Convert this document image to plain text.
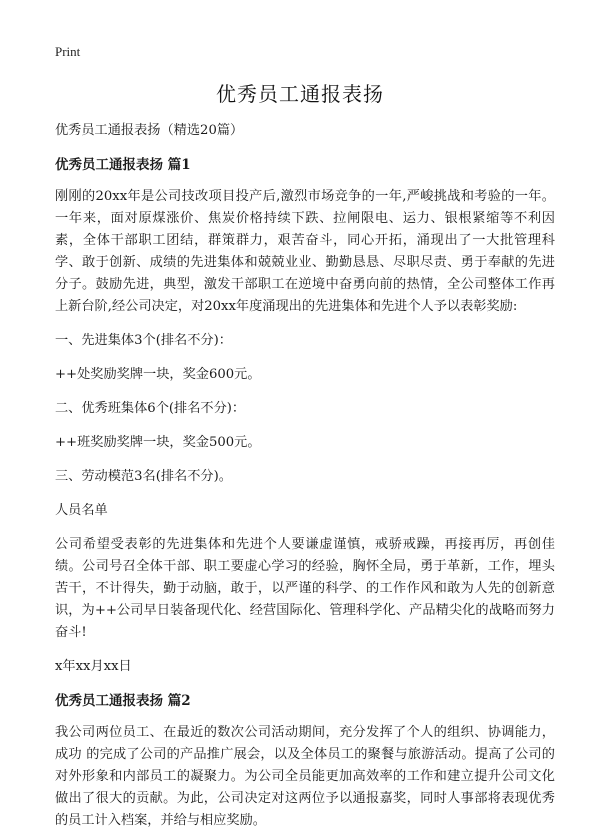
Print
优秀员工通报表扬

优秀员工通报表扬（精选20篇）

优秀员工通报表扬 篇1

刚刚的20xx年是公司技改项目投产后,激烈市场竞争的一年,严峻挑战和考验的一年。一年来，面对原煤涨价、焦炭价格持续下跌、拉闸限电、运力、银根紧缩等不利因素，全体干部职工团结，群策群力，艰苦奋斗，同心开拓，涌现出了一大批管理科学、敢于创新、成绩的先进集体和兢兢业业、勤勤恳恳、尽职尽责、勇于奉献的先进分子。鼓励先进，典型，激发干部职工在逆境中奋勇向前的热情，全公司整体工作再上新台阶,经公司决定，对20xx年度涌现出的先进集体和先进个人予以表彰奖励:

一、先进集体3个(排名不分)：

++处奖励奖牌一块，奖金600元。

二、优秀班集体6个(排名不分)：

++班奖励奖牌一块，奖金500元。

三、劳动模范3名(排名不分)。

人员名单

公司希望受表彰的先进集体和先进个人要谦虚谨慎，戒骄戒躁，再接再厉，再创佳绩。公司号召全体干部、职工要虚心学习的经验，胸怀全局，勇于革新，工作，埋头苦干，不计得失，勤于动脑，敢于，以严谨的科学、的工作作风和敢为人先的创新意识，为++公司早日装备现代化、经营国际化、管理科学化、产品精尖化的战略而努力奋斗!

x年xx月xx日

优秀员工通报表扬 篇2

我公司两位员工、在最近的数次公司活动期间，充分发挥了个人的组织、协调能力，成功 的完成了公司的产品推广展会，以及全体员工的聚餐与旅游活动。提高了公司的对外形象和内部员工的凝聚力。为公司全员能更加高效率的工作和建立提升公司文化做出了很大的贡献。为此，公司决定对这两位予以通报嘉奖，同时人事部将表现优秀的员工计入档案，并给与相应奖励。
